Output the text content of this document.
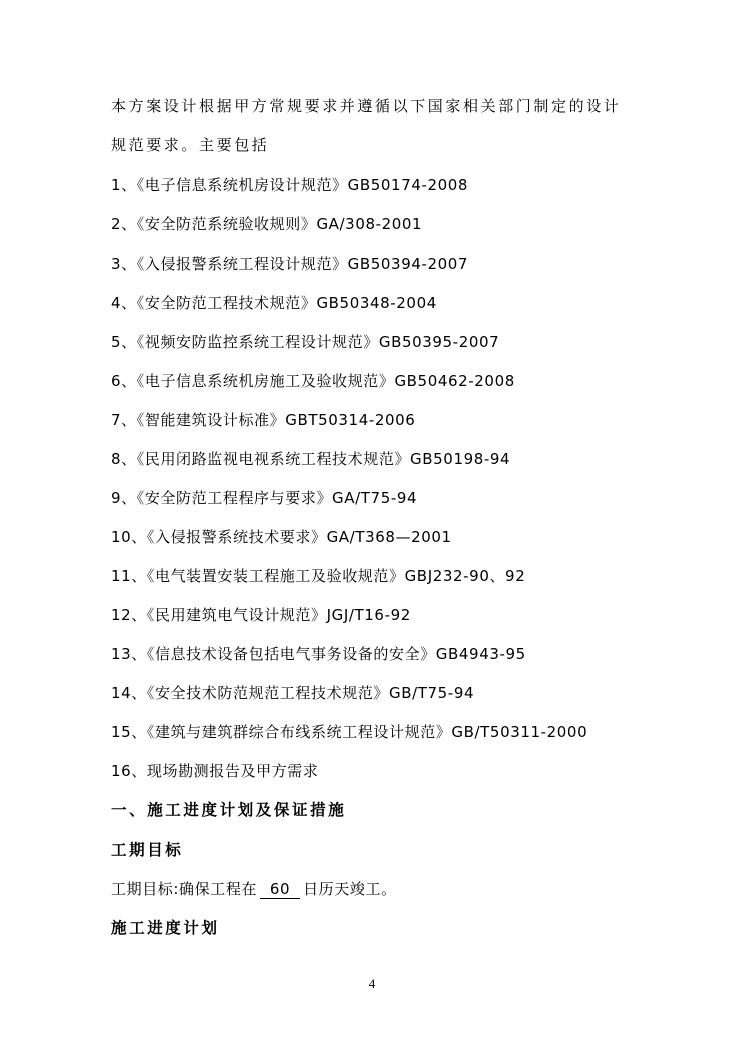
本方案设计根据甲方常规要求并遵循以下国家相关部门制定的设计
规范要求。主要包括
1、《电子信息系统机房设计规范》GB50174-2008
2、《安全防范系统验收规则》GA/308-2001
3、《入侵报警系统工程设计规范》GB50394-2007
4、《安全防范工程技术规范》GB50348-2004
5、《视频安防监控系统工程设计规范》GB50395-2007
6、《电子信息系统机房施工及验收规范》GB50462-2008
7、《智能建筑设计标准》GBT50314-2006
8、《民用闭路监视电视系统工程技术规范》GB50198-94
9、《安全防范工程程序与要求》GA/T75-94
10、《入侵报警系统技术要求》GA/T368—2001
11、《电气装置安装工程施工及验收规范》GBJ232-90、92
12、《民用建筑电气设计规范》JGJ/T16-92
13、《信息技术设备包括电气事务设备的安全》GB4943-95
14、《安全技术防范规范工程技术规范》GB/T75-94
15、《建筑与建筑群综合布线系统工程设计规范》GB/T50311-2000
16、现场勘测报告及甲方需求
一、施工进度计划及保证措施
工期目标
工期目标:确保工程在 60 日历天竣工。
施工进度计划
4
